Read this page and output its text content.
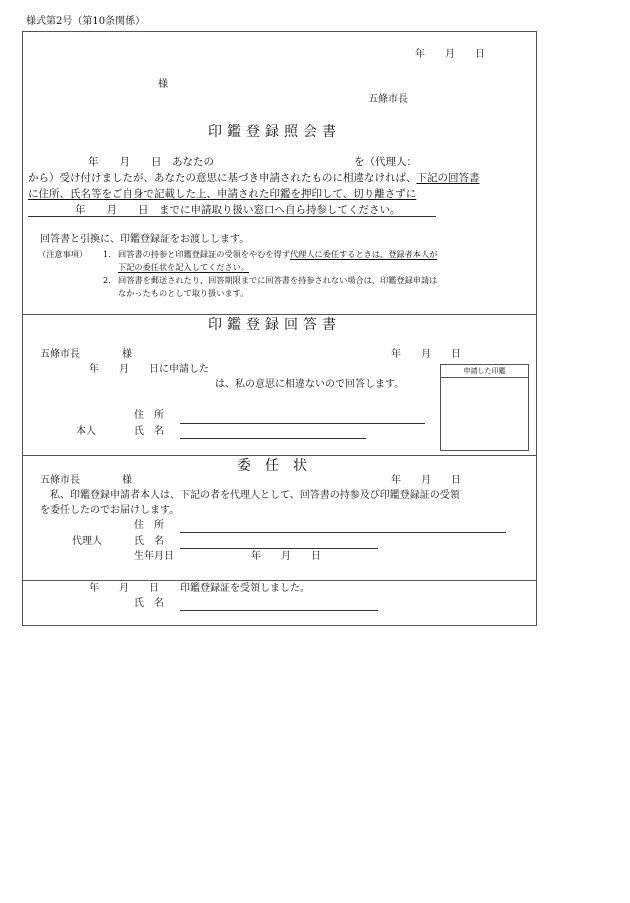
様式第2号（第10条関係）
年　　月　　日
様
五條市長
印鑑登録照会書
年　　月　　日　あなたの	を（代理人：
から）受け付けましたが、あなたの意思に基づき申請されたものに相違なければ、下記の回答書
に住所、氏名等をご自身で記載した上、申請された印鑑を押印して、切り離さずに
年　　月　　日　までに申請取り扱い窓口へ自ら持参してください。
回答書と引換に、印鑑登録証をお渡しします。
（注意事項） 1. 回答書の持参と印鑑登録証の受領をやむを得ず代理人に委任するときは、登録者本人が
下記の委任状を記入してください。
2. 回答書を郵送されたり、回答期限までに回答書を持参されない場合は、印鑑登録申請は
なかったものとして取り扱います。
印鑑登録回答書
五條市長	様	年　　月　　日
年　　月　　日に申請した
は、私の意思に相違ないので回答します。
申請した印鑑
住　所
本人	氏　名
委　任　状
五條市長	様	年　　月　　日
私、印鑑登録申請者本人は、下記の者を代理人として、回答書の持参及び印鑑登録証の受領
を委任したのでお届けします。
住　所
代理人	氏　名
生年月日	年　　月　　日
年　　月　　日 印鑑登録証を受領しました。
氏　名
